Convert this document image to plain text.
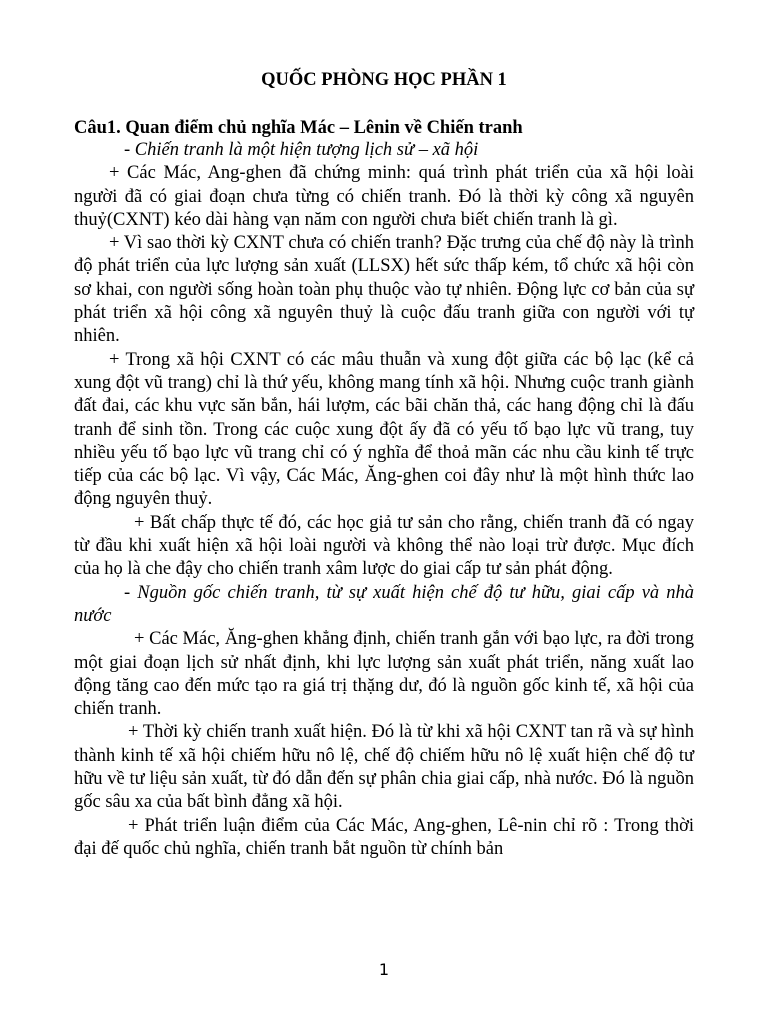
QUỐC PHÒNG HỌC PHẦN 1
Câu1. Quan điểm chủ nghĩa Mác – Lênin về Chiến tranh

- Chiến tranh là một hiện tượng lịch sử – xã hội

+ Các Mác, Ang-ghen đã chứng minh: quá trình phát triển của xã hội loài người đã có giai đoạn chưa từng có chiến tranh. Đó là thời kỳ công xã nguyên thuỷ(CXNT) kéo dài hàng vạn năm con người chưa biết chiến tranh là gì.

+ Vì sao thời kỳ CXNT chưa có chiến tranh? Đặc trưng của chế độ này là trình độ phát triển của lực lượng sản xuất (LLSX) hết sức thấp kém, tổ chức xã hội còn sơ khai, con người sống hoàn toàn phụ thuộc vào tự nhiên. Động lực cơ bản của sự phát triển xã hội công xã nguyên thuỷ là cuộc đấu tranh giữa con người với tự nhiên.

+ Trong xã hội CXNT có các mâu thuẫn và xung đột giữa các bộ lạc (kể cả xung đột vũ trang) chỉ là thứ yếu, không mang tính xã hội. Nhưng cuộc tranh giành đất đai, các khu vực săn bắn, hái lượm, các bãi chăn thả, các hang động chỉ là đấu tranh để sinh tồn. Trong các cuộc xung đột ấy đã có yếu tố bạo lực vũ trang, tuy nhiều yếu tố bạo lực vũ trang chỉ có ý nghĩa để thoả mãn các nhu cầu kinh tế trực tiếp của các bộ lạc. Vì vậy, Các Mác, Ăng-ghen coi đây như là một hình thức lao động nguyên thuỷ.

+ Bất chấp thực tế đó, các học giả tư sản cho rằng, chiến tranh đã có ngay từ đầu khi xuất hiện xã hội loài người và không thể nào loại trừ được. Mục đích của họ là che đậy cho chiến tranh xâm lược do giai cấp tư sản phát động.

- Nguồn gốc chiến tranh, từ sự xuất hiện chế độ tư hữu, giai cấp và nhà nước

+ Các Mác, Ăng-ghen khẳng định, chiến tranh gắn với bạo lực, ra đời trong một giai đoạn lịch sử nhất định, khi lực lượng sản xuất phát triển, năng xuất lao động tăng cao đến mức tạo ra giá trị thặng dư, đó là nguồn gốc kinh tế, xã hội của chiến tranh.

+ Thời kỳ chiến tranh xuất hiện. Đó là từ khi xã hội CXNT tan rã và sự hình thành kinh tế xã hội chiếm hữu nô lệ, chế độ chiếm hữu nô lệ xuất hiện chế độ tư hữu về tư liệu sản xuất, từ đó dẫn đến sự phân chia giai cấp, nhà nước. Đó là nguồn gốc sâu xa của bất bình đẳng xã hội.

+ Phát triển luận điểm của Các Mác, Ang-ghen, Lê-nin chỉ rõ : Trong thời đại đế quốc chủ nghĩa, chiến tranh bắt nguồn từ chính bản

1
